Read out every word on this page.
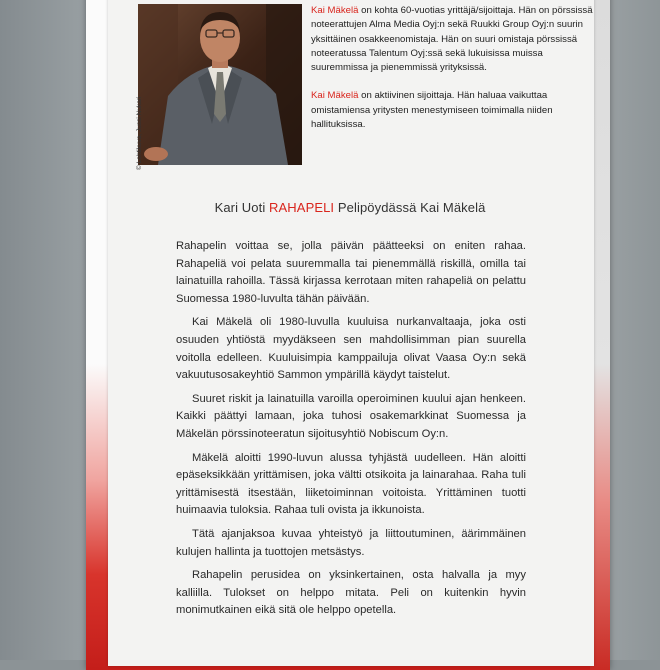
© Lehtikuva, Jussi Nukari

Kai Mäkelä on kohta 60-vuotias yrittäjä/sijoittaja. Hän on pörssissä noteerattujen Alma Media Oyj:n sekä Ruukki Group Oyj:n suurin yksittäinen osakkeenomistaja. Hän on suuri omistaja pörssissä noteeratussa Talentum Oyj:ssä sekä lukuisissa muissa suuremmissa ja pienemmissä yrityksissä.

Kai Mäkelä on aktiivinen sijoittaja. Hän haluaa vaikuttaa omistamiensa yritysten menestymiseen toimimalla niiden hallituksissa.

Kari Uoti RAHAPELI Pelipöydässä Kai Mäkelä

Rahapelin voittaa se, jolla päivän päätteeksi on eniten rahaa. Rahapeliä voi pelata suuremmalla tai pienemmällä riskillä, omilla tai lainatuilla rahoilla. Tässä kirjassa kerrotaan miten rahapeliä on pelattu Suomessa 1980-luvulta tähän päivään.

Kai Mäkelä oli 1980-luvulla kuuluisa nurkanvaltaaja, joka osti osuuden yhtiöstä myydäkseen sen mahdollisimman pian suurella voitolla edelleen. Kuuluisimpia kamppailuja olivat Vaasa Oy:n sekä vakuutusosakeyhtiö Sammon ympärillä käydyt taistelut.

Suuret riskit ja lainatuilla varoilla operoiminen kuului ajan henkeen. Kaikki päättyi lamaan, joka tuhosi osakemarkkinat Suomessa ja Mäkelän pörssinoteeratun sijoitusyhtiö Nobiscum Oy:n.

Mäkelä aloitti 1990-luvun alussa tyhjästä uudelleen. Hän aloitti epäseksikkään yrittämisen, joka vältti otsikoita ja lainarahaa. Raha tuli yrittämisestä itsestään, liiketoiminnan voitoista. Yrittäminen tuotti huimaavia tuloksia. Rahaa tuli ovista ja ikkunoista.

Tätä ajanjaksoa kuvaa yhteistyö ja liittoutuminen, äärimmäinen kulujen hallinta ja tuottojen metsästys.

Rahapelin perusidea on yksinkertainen, osta halvalla ja myy kalliilla. Tulokset on helppo mitata. Peli on kuitenkin hyvin monimutkainen eikä sitä ole helppo opetella.
